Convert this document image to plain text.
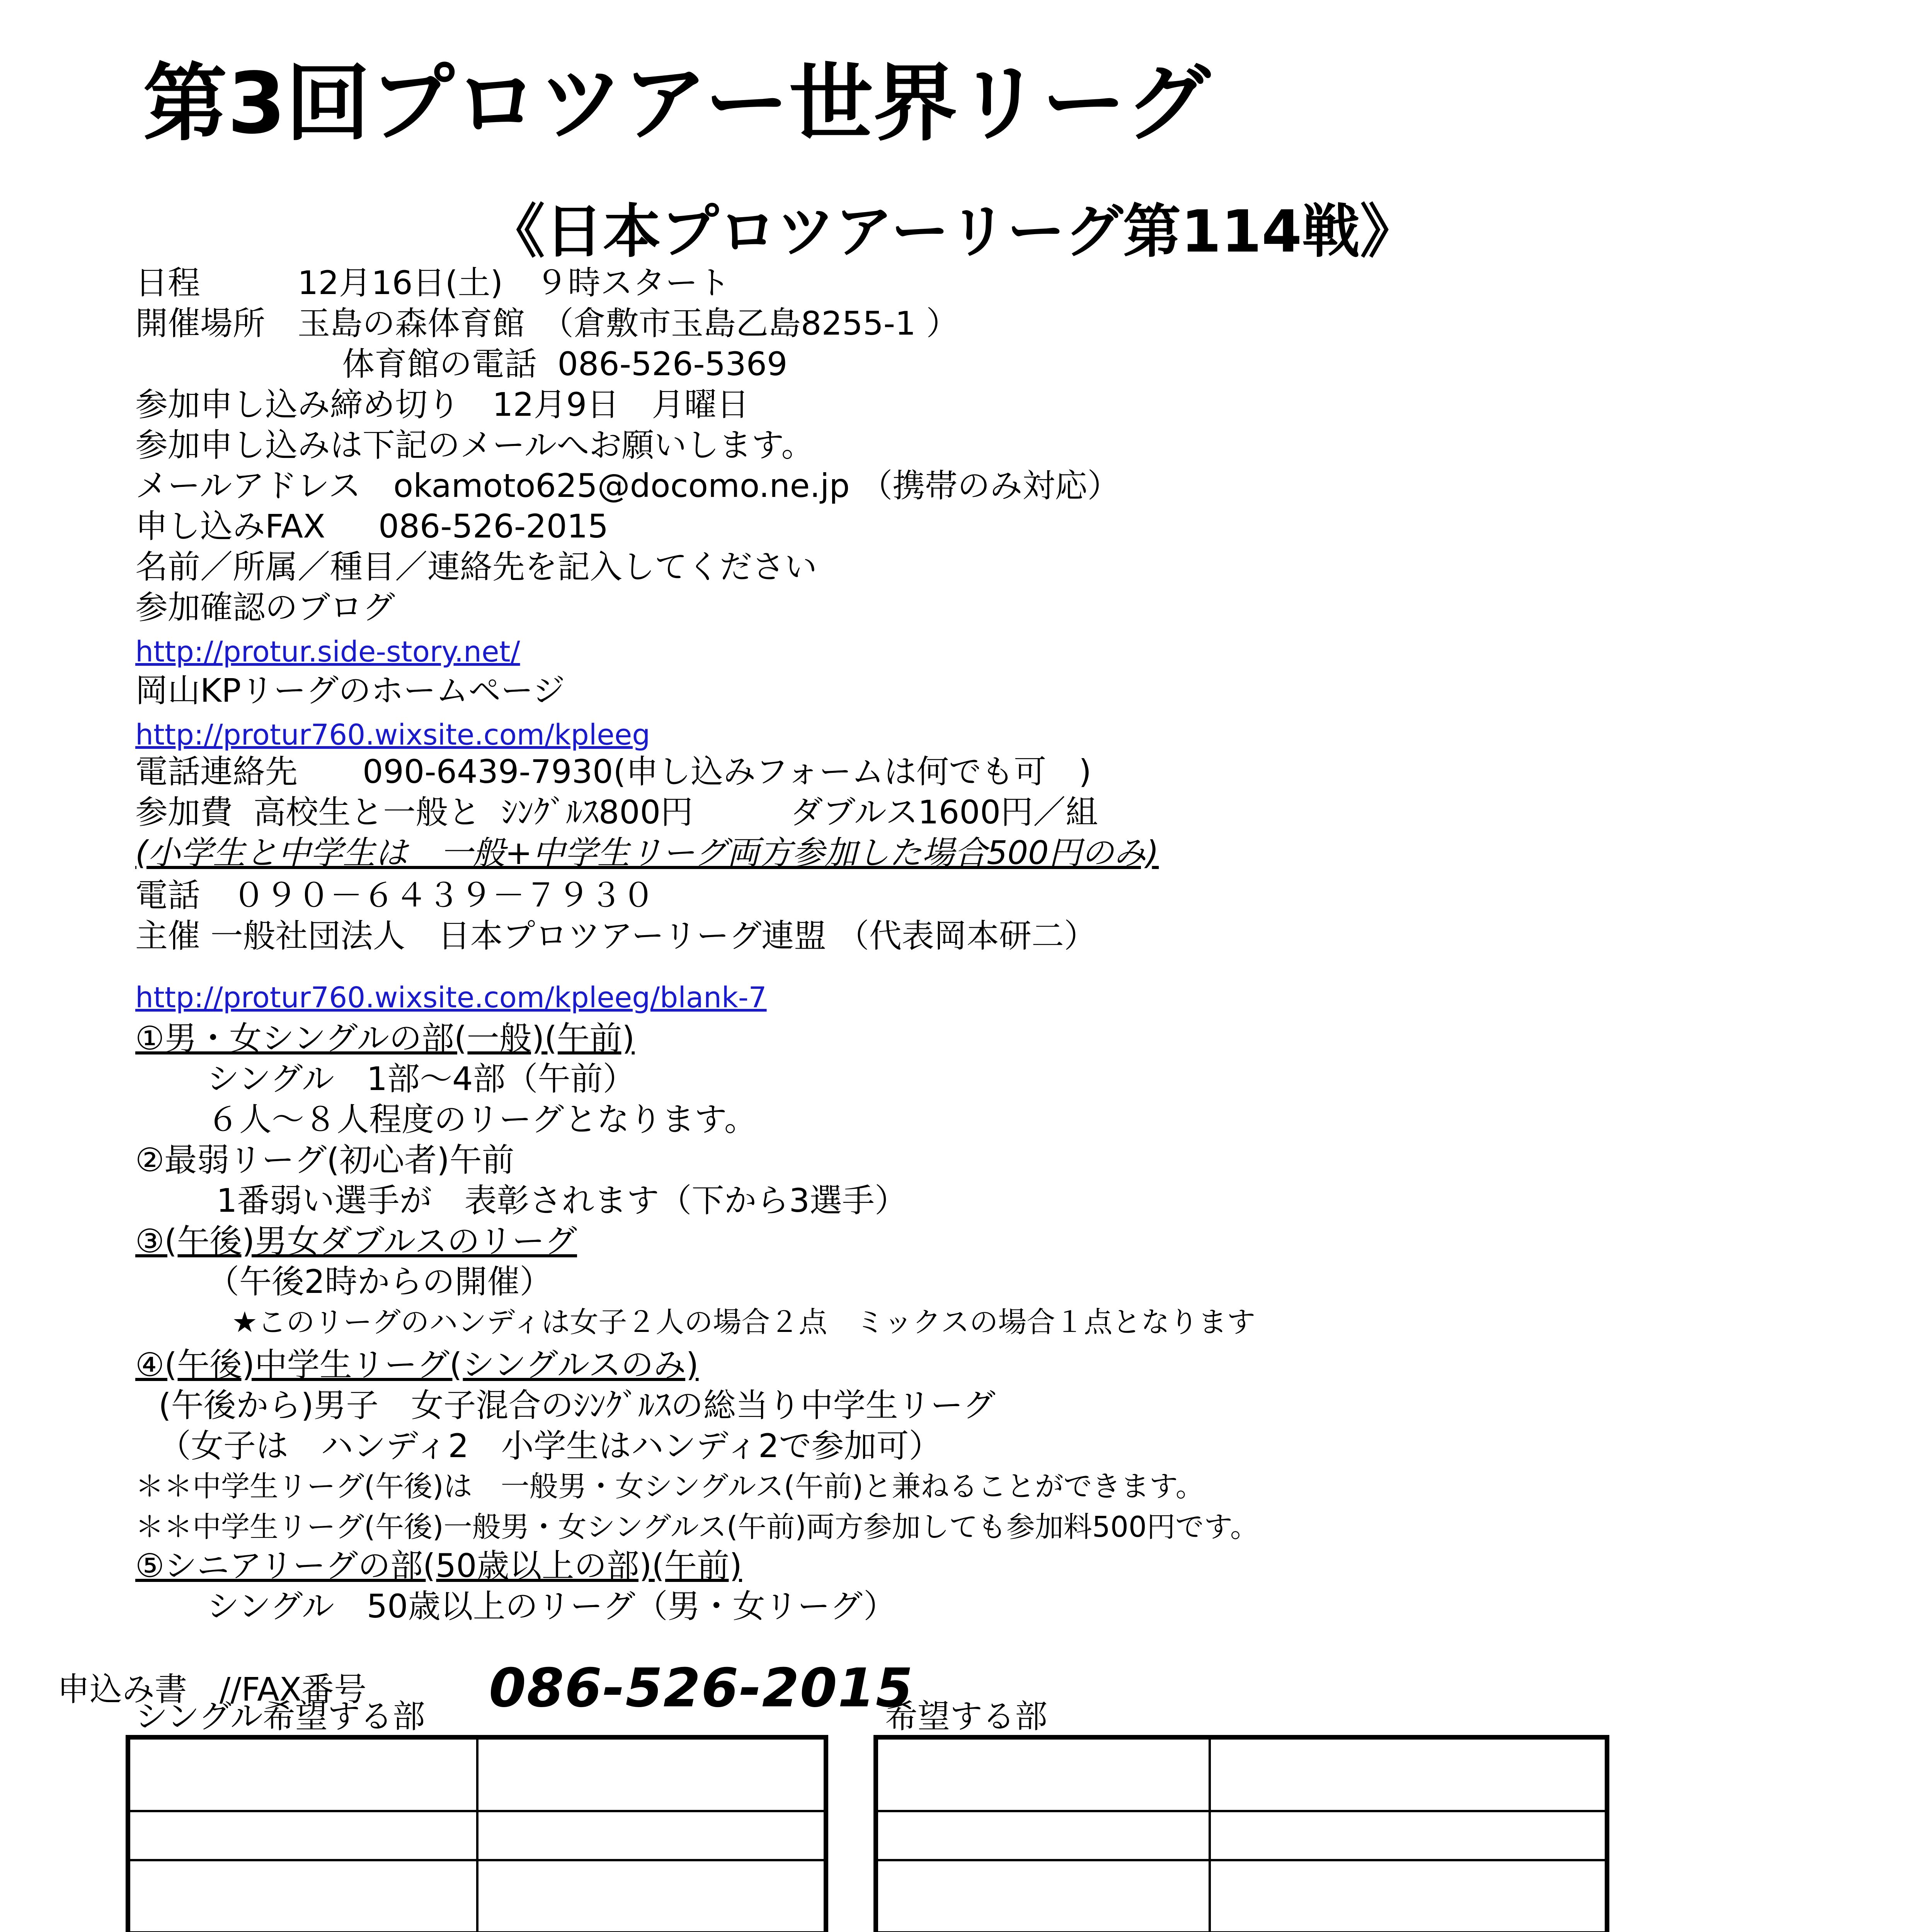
第3回プロツアー世界リーグ
《日本プロツアーリーグ第114戦》
日程　　　12月16日(土)　９時スタート
開催場所　玉島の森体育館　（倉敷市玉島乙島8255-1 ）
体育館の電話  086-526-5369
参加申し込み締め切り　12月9日　月曜日
参加申し込みは下記のメールへお願いします。
メールアドレス　okamoto625@docomo.ne.jp （携帯のみ対応）
申し込みFAX　  086-526-2015
名前／所属／種目／連絡先を記入してください
参加確認のブログ
http://protur.side-story.net/
岡山KPリーグのホームページ
http://protur760.wixsite.com/kpleeg
電話連絡先　　090-6439-7930(申し込みフォームは何でも可　)
参加費  高校生と一般と  ｼﾝｸﾞﾙｽ800円　　　ダブルス1600円／組
(小学生と中学生は　一般+中学生リーグ両方参加した場合500円のみ)
電話　０９０－６４３９－７９３０
主催 一般社団法人　日本プロツアーリーグ連盟 （代表岡本研二）
http://protur760.wixsite.com/kpleeg/blank-7
①男・女シングルの部(一般)(午前)
シングル　1部～4部（午前）
６人～８人程度のリーグとなります。
②最弱リーグ(初心者)午前
1番弱い選手が　表彰されます（下から3選手）
③(午後)男女ダブルスのリーグ
（午後2時からの開催）
★このリーグのハンディは女子２人の場合２点　ミックスの場合１点となります
④(午後)中学生リーグ(シングルスのみ)
(午後から)男子　女子混合のｼﾝｸﾞﾙｽの総当り中学生リーグ
（女子は　ハンディ2　小学生はハンディ2で参加可）
＊＊中学生リーグ(午後)は　一般男・女シングルス(午前)と兼ねることができます。
＊＊中学生リーグ(午後)一般男・女シングルス(午前)両方参加しても参加料500円です。
⑤シニアリーグの部(50歳以上の部)(午前)
シングル　50歳以上のリーグ（男・女リーグ）
申込み書　//FAX番号 086-526-2015
シングル希望する部	希望する部
